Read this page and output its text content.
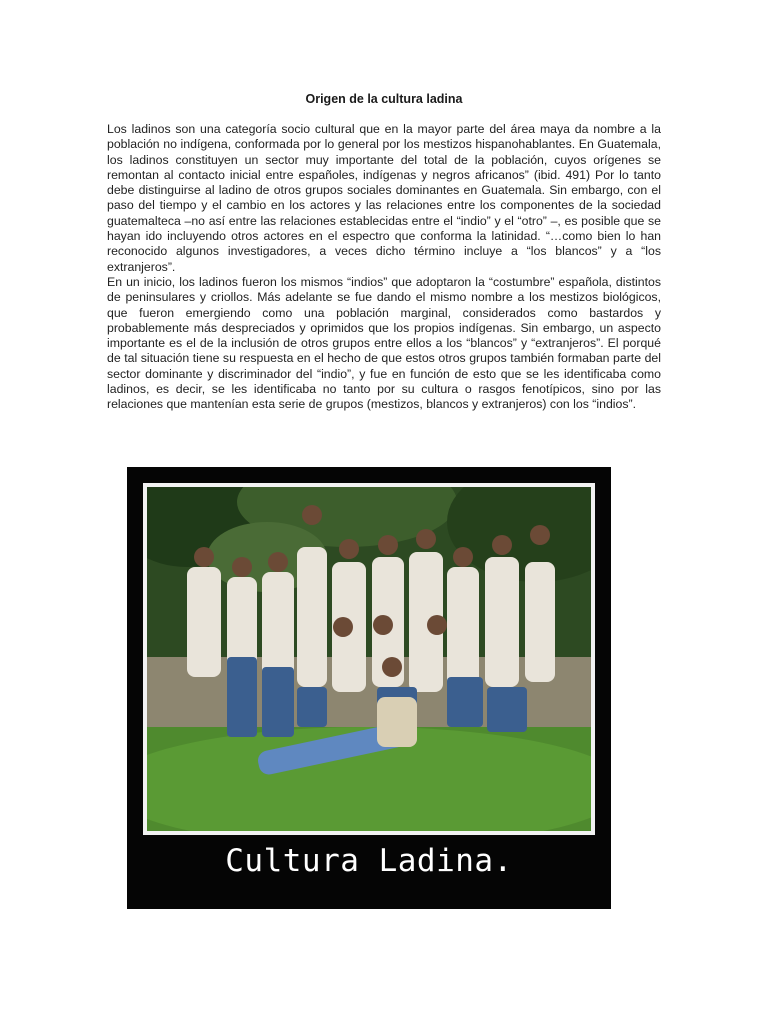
Origen de la cultura ladina

Los ladinos son una categoría socio cultural que en la mayor parte del área maya da nombre a la población no indígena, conformada por lo general por los mestizos hispanohablantes. En Guatemala, los ladinos constituyen un sector muy importante del total de la población, cuyos orígenes se remontan al contacto inicial entre españoles, indígenas y negros africanos” (ibid. 491) Por lo tanto debe distinguirse al ladino de otros grupos sociales dominantes en Guatemala. Sin embargo, con el paso del tiempo y el cambio en los actores y las relaciones entre los componentes de la sociedad guatemalteca –no así entre las relaciones establecidas entre el “indio” y el “otro” –, es posible que se hayan ido incluyendo otros actores en el espectro que conforma la latinidad. “…como bien lo han reconocido algunos investigadores, a veces dicho término incluye a “los blancos” y a “los extranjeros”.

En un inicio, los ladinos fueron los mismos “indios” que adoptaron la “costumbre” española, distintos de peninsulares y criollos. Más adelante se fue dando el mismo nombre a los mestizos biológicos, que fueron emergiendo como una población marginal, considerados como bastardos y probablemente más despreciados y oprimidos que los propios indígenas. Sin embargo, un aspecto importante es el de la inclusión de otros grupos entre ellos a los “blancos” y “extranjeros”. El porqué de tal situación tiene su respuesta en el hecho de que estos otros grupos también formaban parte del sector dominante y discriminador del “indio”, y fue en función de esto que se les identificaba como ladinos, es decir, se les identificaba no tanto por su cultura o rasgos fenotípicos, sino por las relaciones que mantenían esta serie de grupos (mestizos, blancos y extranjeros) con los “indios”.

Cultura Ladina.
